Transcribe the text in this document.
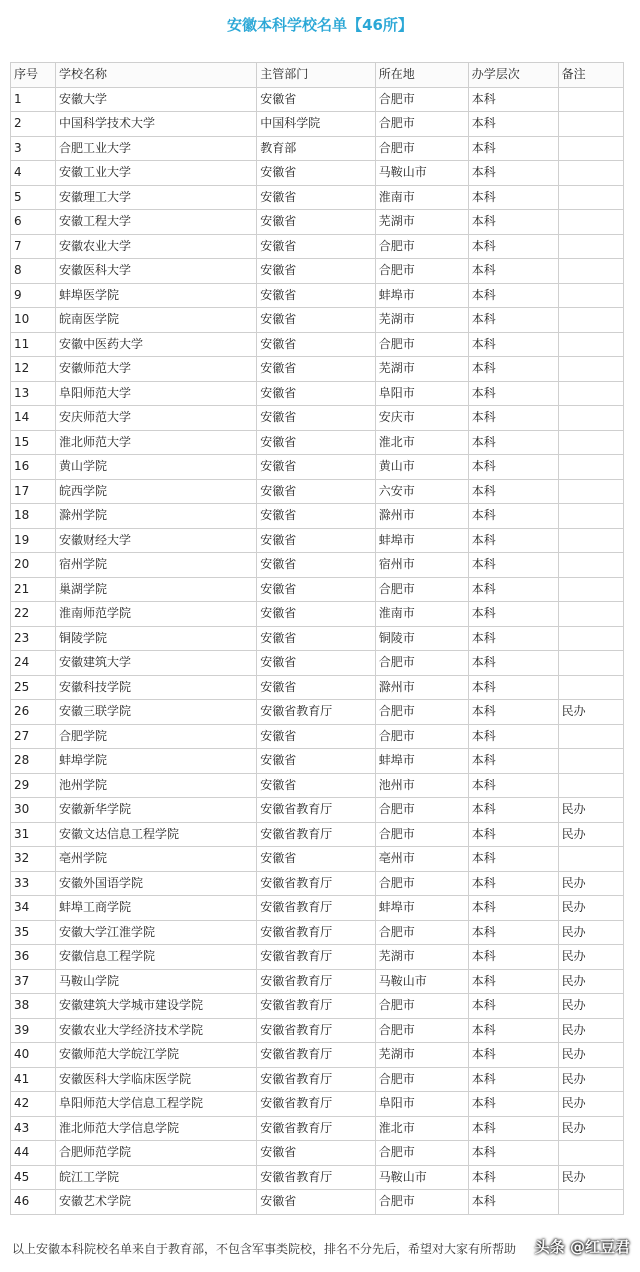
安徽本科学校名单【46所】
序号	学校名称	主管部门	所在地	办学层次	备注
1	安徽大学	安徽省	合肥市	本科	
2	中国科学技术大学	中国科学院	合肥市	本科	
3	合肥工业大学	教育部	合肥市	本科	
4	安徽工业大学	安徽省	马鞍山市	本科	
5	安徽理工大学	安徽省	淮南市	本科	
6	安徽工程大学	安徽省	芜湖市	本科	
7	安徽农业大学	安徽省	合肥市	本科	
8	安徽医科大学	安徽省	合肥市	本科	
9	蚌埠医学院	安徽省	蚌埠市	本科	
10	皖南医学院	安徽省	芜湖市	本科	
11	安徽中医药大学	安徽省	合肥市	本科	
12	安徽师范大学	安徽省	芜湖市	本科	
13	阜阳师范大学	安徽省	阜阳市	本科	
14	安庆师范大学	安徽省	安庆市	本科	
15	淮北师范大学	安徽省	淮北市	本科	
16	黄山学院	安徽省	黄山市	本科	
17	皖西学院	安徽省	六安市	本科	
18	滁州学院	安徽省	滁州市	本科	
19	安徽财经大学	安徽省	蚌埠市	本科	
20	宿州学院	安徽省	宿州市	本科	
21	巢湖学院	安徽省	合肥市	本科	
22	淮南师范学院	安徽省	淮南市	本科	
23	铜陵学院	安徽省	铜陵市	本科	
24	安徽建筑大学	安徽省	合肥市	本科	
25	安徽科技学院	安徽省	滁州市	本科	
26	安徽三联学院	安徽省教育厅	合肥市	本科	民办
27	合肥学院	安徽省	合肥市	本科	
28	蚌埠学院	安徽省	蚌埠市	本科	
29	池州学院	安徽省	池州市	本科	
30	安徽新华学院	安徽省教育厅	合肥市	本科	民办
31	安徽文达信息工程学院	安徽省教育厅	合肥市	本科	民办
32	亳州学院	安徽省	亳州市	本科	
33	安徽外国语学院	安徽省教育厅	合肥市	本科	民办
34	蚌埠工商学院	安徽省教育厅	蚌埠市	本科	民办
35	安徽大学江淮学院	安徽省教育厅	合肥市	本科	民办
36	安徽信息工程学院	安徽省教育厅	芜湖市	本科	民办
37	马鞍山学院	安徽省教育厅	马鞍山市	本科	民办
38	安徽建筑大学城市建设学院	安徽省教育厅	合肥市	本科	民办
39	安徽农业大学经济技术学院	安徽省教育厅	合肥市	本科	民办
40	安徽师范大学皖江学院	安徽省教育厅	芜湖市	本科	民办
41	安徽医科大学临床医学院	安徽省教育厅	合肥市	本科	民办
42	阜阳师范大学信息工程学院	安徽省教育厅	阜阳市	本科	民办
43	淮北师范大学信息学院	安徽省教育厅	淮北市	本科	民办
44	合肥师范学院	安徽省	合肥市	本科	
45	皖江工学院	安徽省教育厅	马鞍山市	本科	民办
46	安徽艺术学院	安徽省	合肥市	本科	
以上安徽本科院校名单来自于教育部，不包含军事类院校，排名不分先后，希望对大家有所帮助	头条 @红豆君
